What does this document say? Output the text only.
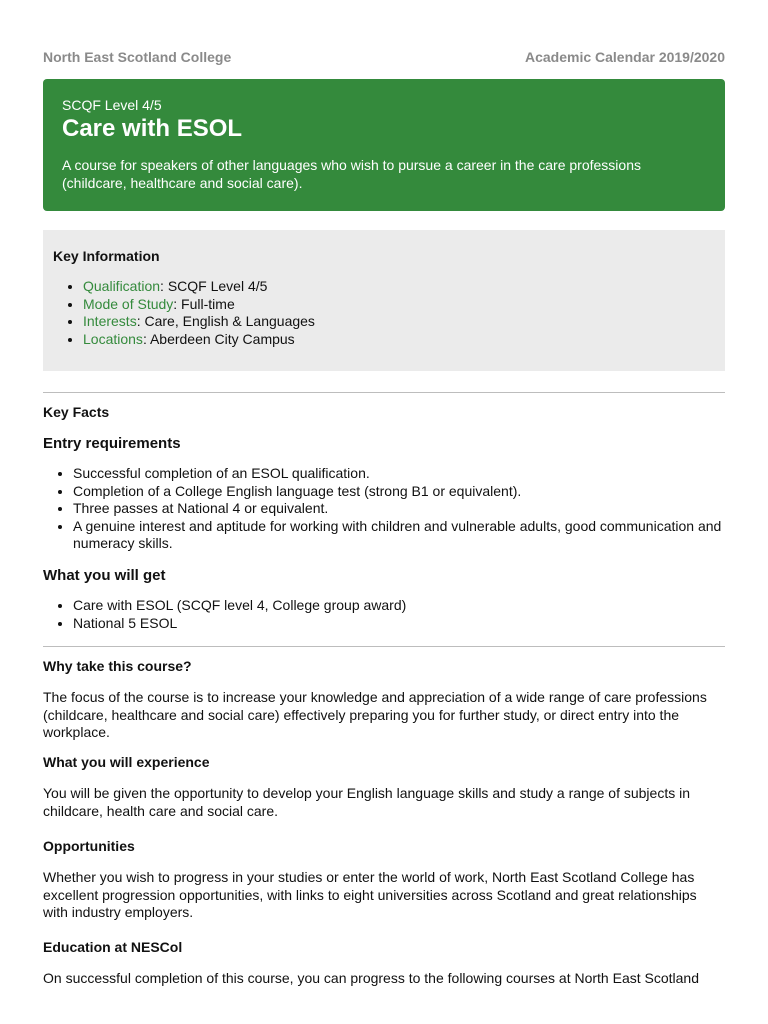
North East Scotland College	Academic Calendar 2019/2020
SCQF Level 4/5
Care with ESOL
A course for speakers of other languages who wish to pursue a career in the care professions (childcare, healthcare and social care).
Key Information
• Qualification: SCQF Level 4/5
• Mode of Study: Full-time
• Interests: Care, English & Languages
• Locations: Aberdeen City Campus
Key Facts
Entry requirements
• Successful completion of an ESOL qualification.
• Completion of a College English language test (strong B1 or equivalent).
• Three passes at National 4 or equivalent.
• A genuine interest and aptitude for working with children and vulnerable adults, good communication and numeracy skills.
What you will get
• Care with ESOL (SCQF level 4, College group award)
• National 5 ESOL
Why take this course?

The focus of the course is to increase your knowledge and appreciation of a wide range of care professions (childcare, healthcare and social care) effectively preparing you for further study, or direct entry into the workplace.

What you will experience

You will be given the opportunity to develop your English language skills and study a range of subjects in childcare, health care and social care.

Opportunities

Whether you wish to progress in your studies or enter the world of work, North East Scotland College has excellent progression opportunities, with links to eight universities across Scotland and great relationships with industry employers.

Education at NESCol

On successful completion of this course, you can progress to the following courses at North East Scotland
